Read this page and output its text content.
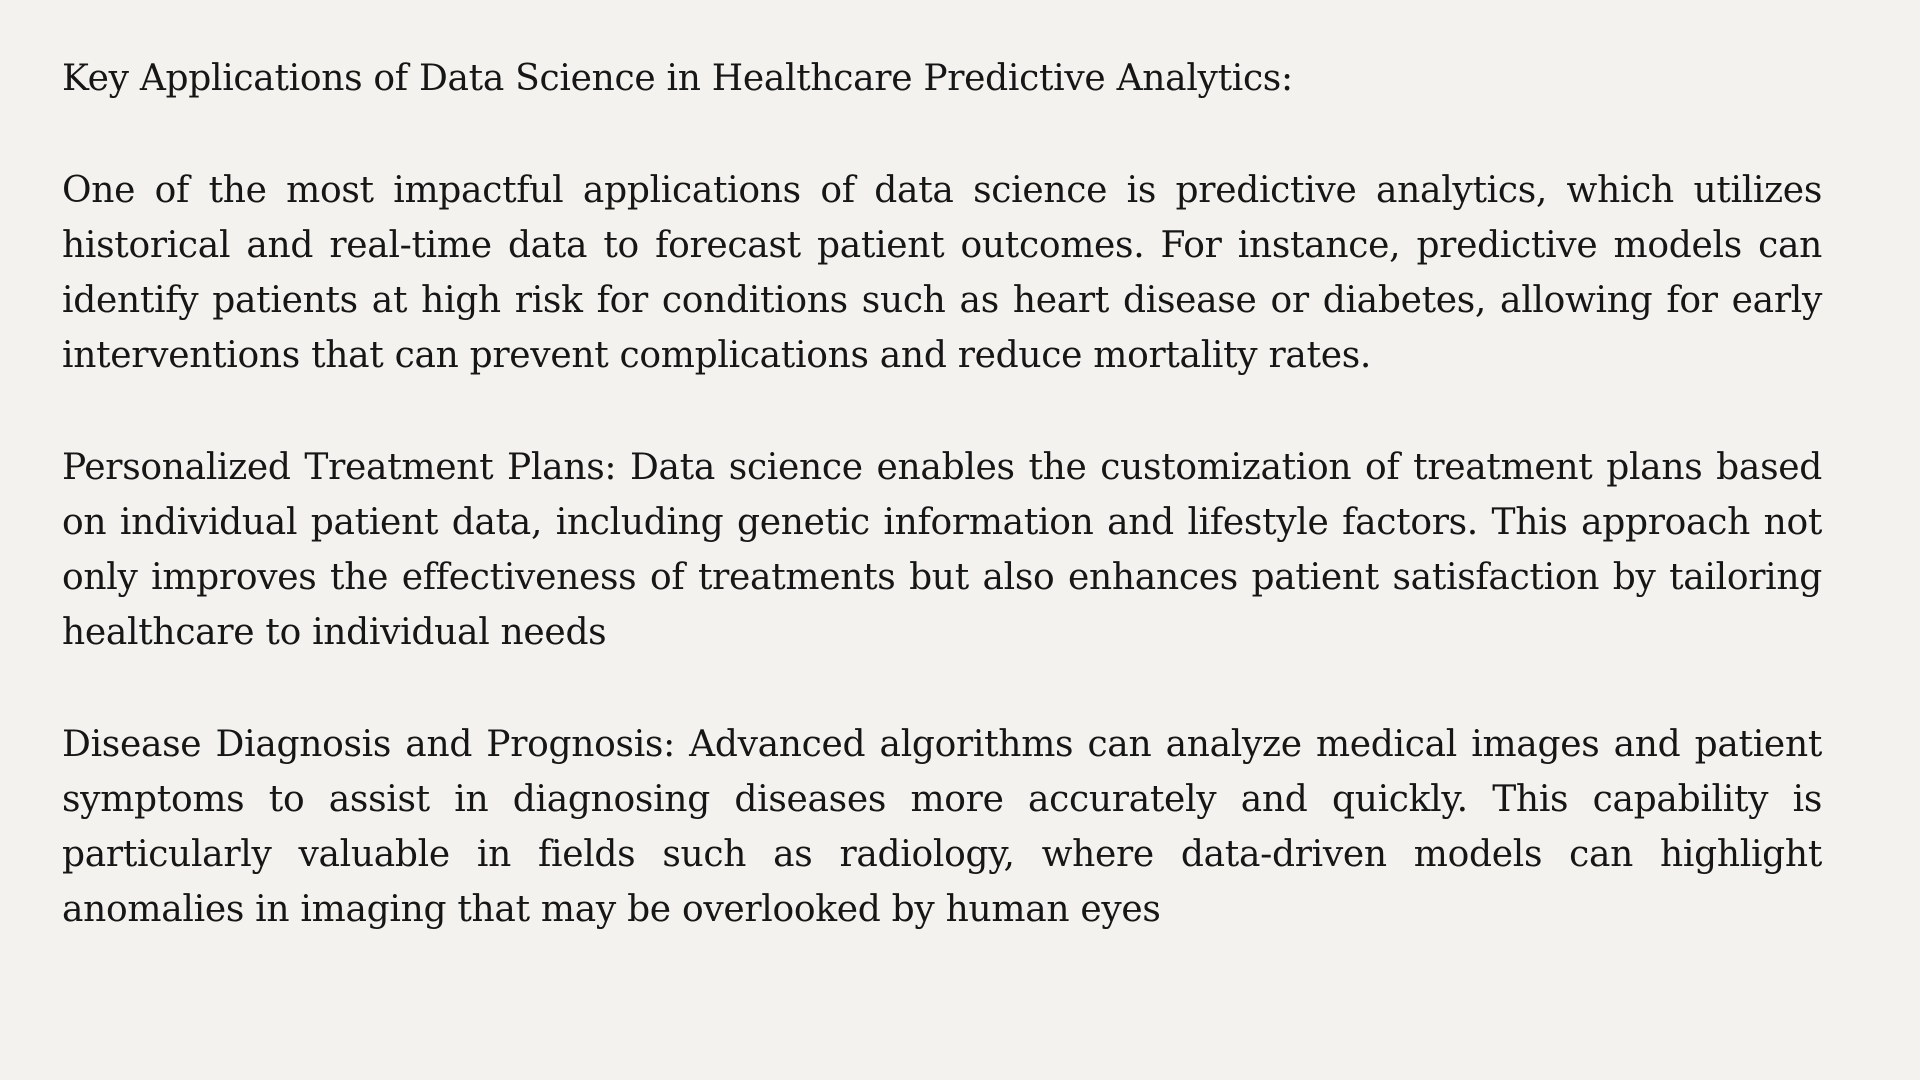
Key Applications of Data Science in Healthcare Predictive Analytics:

One of the most impactful applications of data science is predictive analytics, which utilizes historical and real-time data to forecast patient outcomes. For instance, predictive models can identify patients at high risk for conditions such as heart disease or diabetes, allowing for early interventions that can prevent complications and reduce mortality rates.

Personalized Treatment Plans: Data science enables the customization of treatment plans based on individual patient data, including genetic information and lifestyle factors. This approach not only improves the effectiveness of treatments but also enhances patient satisfaction by tailoring healthcare to individual needs

Disease Diagnosis and Prognosis: Advanced algorithms can analyze medical images and patient symptoms to assist in diagnosing diseases more accurately and quickly. This capability is particularly valuable in fields such as radiology, where data-driven models can highlight anomalies in imaging that may be overlooked by human eyes
